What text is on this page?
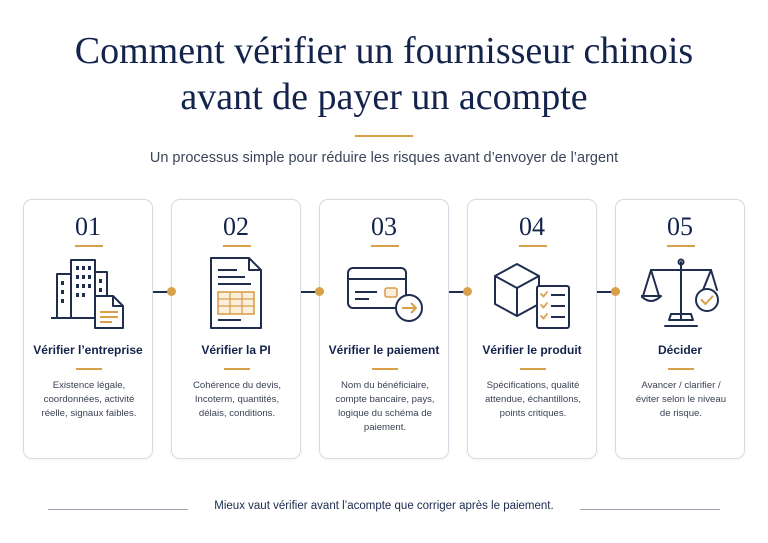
Comment vérifier un fournisseur chinois
avant de payer un acompte
Un processus simple pour réduire les risques avant d’envoyer de l’argent
01
Vérifier l’entreprise
Existence légale,
coordonnées, activité
réelle, signaux faibles.
02
Vérifier la PI
Cohérence du devis,
Incoterm, quantités,
délais, conditions.
03
Vérifier le paiement
Nom du bénéficiaire,
compte bancaire, pays,
logique du schéma de
paiement.
04
Vérifier le produit
Spécifications, qualité
attendue, échantillons,
points critiques.
05
Décider
Avancer / clarifier /
éviter selon le niveau
de risque.
Mieux vaut vérifier avant l’acompte que corriger après le paiement.
